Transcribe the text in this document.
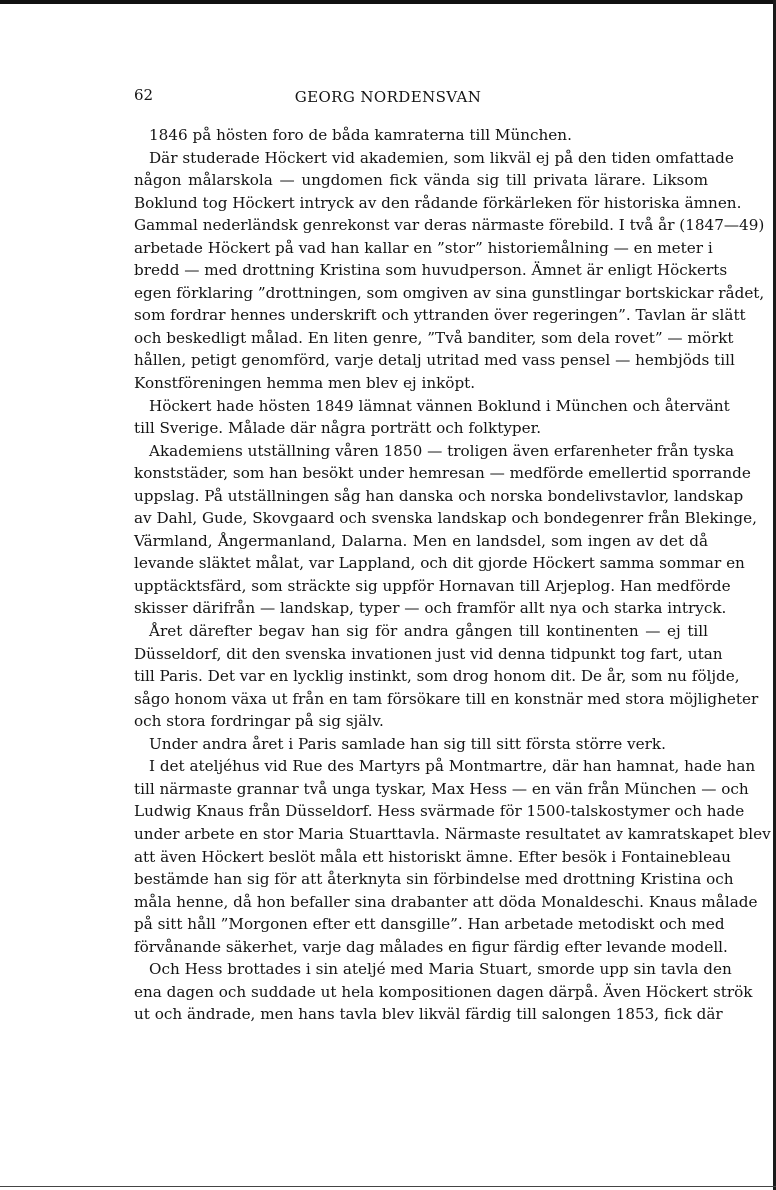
62	GEORG NORDENSVAN
1846 på hösten foro de båda kamraterna till München.
Där studerade Höckert vid akademien, som likväl ej på den tiden omfattade
någon målarskola — ungdomen fick vända sig till privata lärare. Liksom
Boklund tog Höckert intryck av den rådande förkärleken för historiska ämnen.
Gammal nederländsk genrekonst var deras närmaste förebild. I två år (1847—49)
arbetade Höckert på vad han kallar en ”stor” historiemålning — en meter i
bredd — med drottning Kristina som huvudperson. Ämnet är enligt Höckerts
egen förklaring ”drottningen, som omgiven av sina gunstlingar bortskickar rådet,
som fordrar hennes underskrift och yttranden över regeringen”. Tavlan är slätt
och beskedligt målad. En liten genre, ”Två banditer, som dela rovet” — mörkt
hållen, petigt genomförd, varje detalj utritad med vass pensel — hembjöds till
Konstföreningen hemma men blev ej inköpt.
Höckert hade hösten 1849 lämnat vännen Boklund i München och återvänt
till Sverige. Målade där några porträtt och folktyper.
Akademiens utställning våren 1850 — troligen även erfarenheter från tyska
konststäder, som han besökt under hemresan — medförde emellertid sporrande
uppslag. På utställningen såg han danska och norska bondelivstavlor, landskap
av Dahl, Gude, Skovgaard och svenska landskap och bondegenrer från Blekinge,
Värmland, Ångermanland, Dalarna. Men en landsdel, som ingen av det då
levande släktet målat, var Lappland, och dit gjorde Höckert samma sommar en
upptäcktsfärd, som sträckte sig uppför Hornavan till Arjeplog. Han medförde
skisser därifrån — landskap, typer — och framför allt nya och starka intryck.
Året därefter begav han sig för andra gången till kontinenten — ej till
Düsseldorf, dit den svenska invationen just vid denna tidpunkt tog fart, utan
till Paris. Det var en lycklig instinkt, som drog honom dit. De år, som nu följde,
sågo honom växa ut från en tam försökare till en konstnär med stora möjligheter
och stora fordringar på sig själv.
Under andra året i Paris samlade han sig till sitt första större verk.
I det ateljéhus vid Rue des Martyrs på Montmartre, där han hamnat, hade han
till närmaste grannar två unga tyskar, Max Hess — en vän från München — och
Ludwig Knaus från Düsseldorf. Hess svärmade för 1500-talskostymer och hade
under arbete en stor Maria Stuarttavla. Närmaste resultatet av kamratskapet blev
att även Höckert beslöt måla ett historiskt ämne. Efter besök i Fontainebleau
bestämde han sig för att återknyta sin förbindelse med drottning Kristina och
måla henne, då hon befaller sina drabanter att döda Monaldeschi. Knaus målade
på sitt håll ”Morgonen efter ett dansgille”. Han arbetade metodiskt och med
förvånande säkerhet, varje dag målades en figur färdig efter levande modell.
Och Hess brottades i sin ateljé med Maria Stuart, smorde upp sin tavla den
ena dagen och suddade ut hela kompositionen dagen därpå. Även Höckert strök
ut och ändrade, men hans tavla blev likväl färdig till salongen 1853, fick där
